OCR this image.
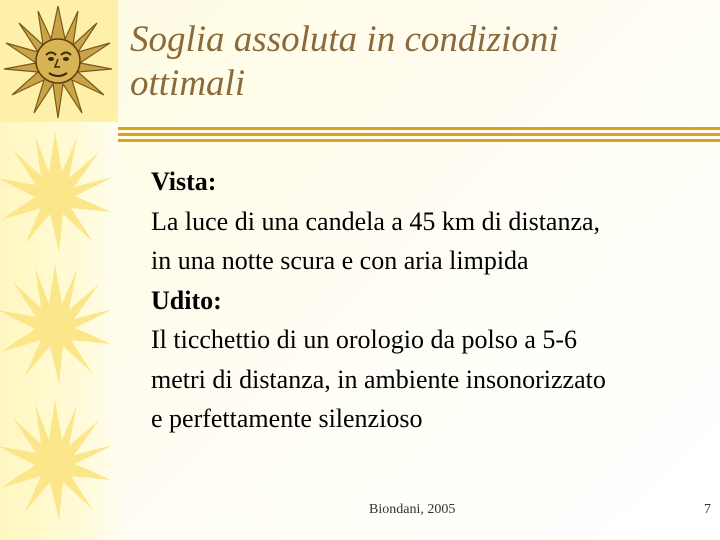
Soglia assoluta in condizioni
ottimali

Vista:

La luce di una candela a 45 km di distanza,

in una notte scura e con aria limpida

Udito:

Il ticchettio di un orologio da polso a 5-6

metri di distanza, in ambiente insonorizzato

e perfettamente silenzioso

Biondani, 2005	7
